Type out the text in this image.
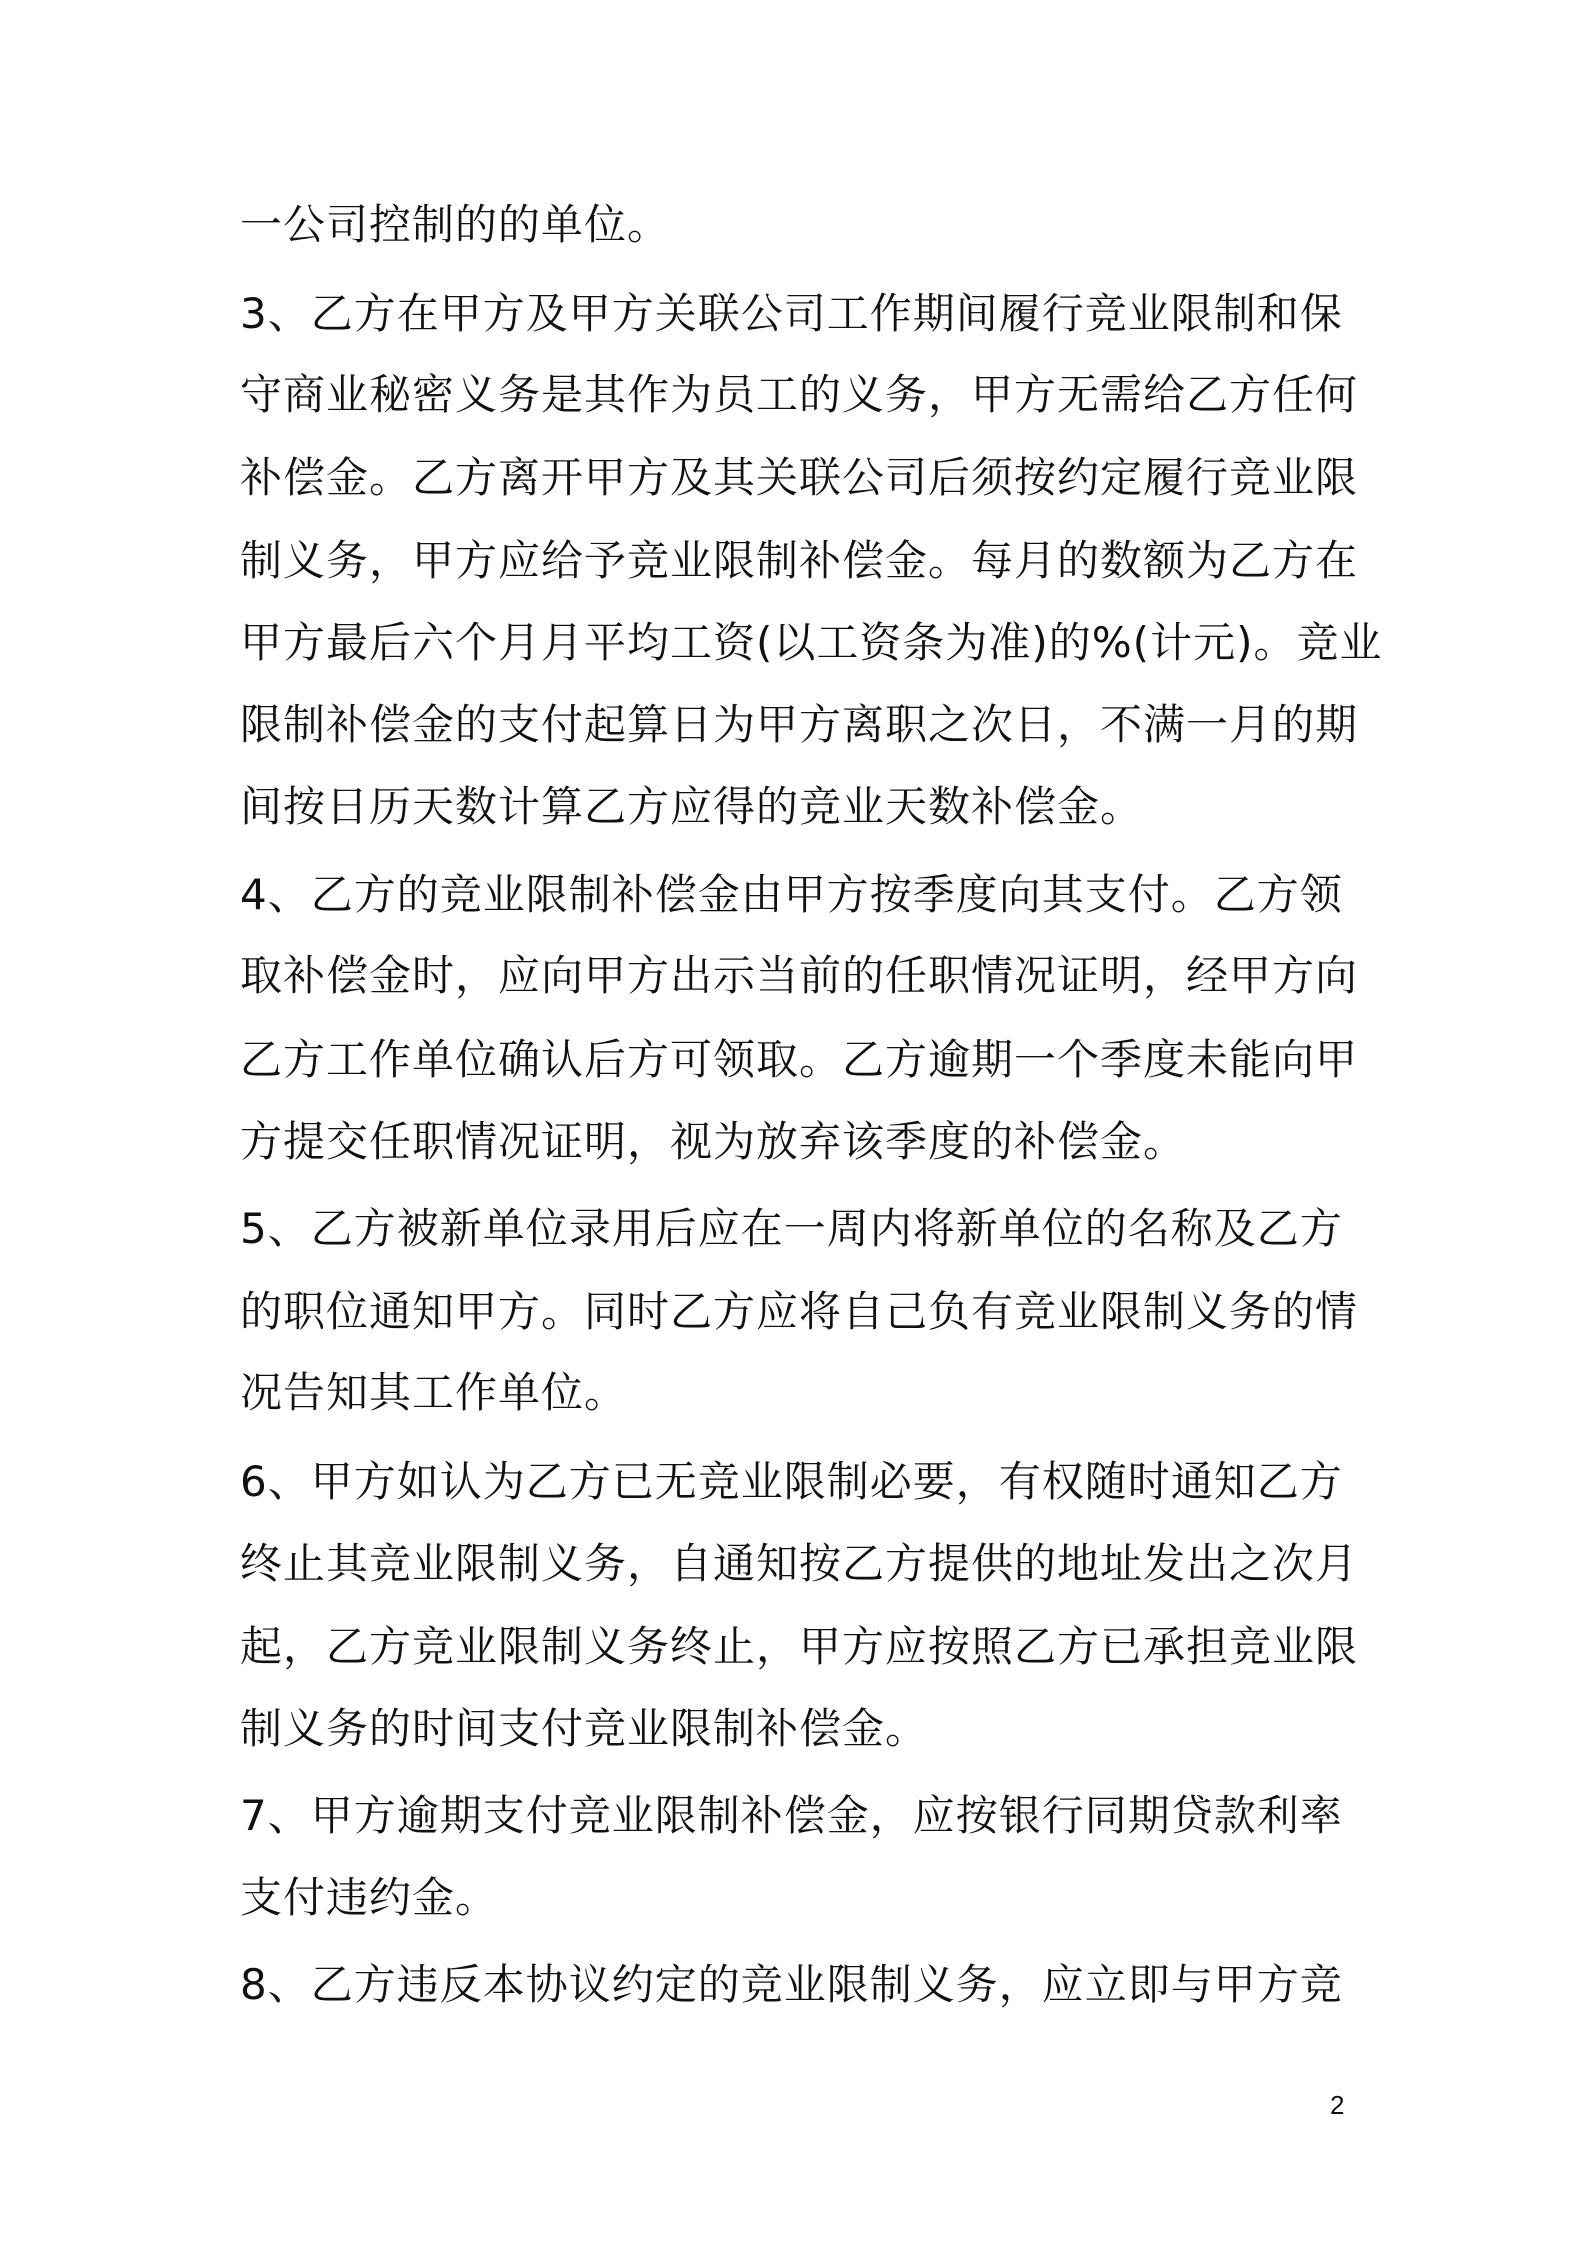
一公司控制的的单位。
3、乙方在甲方及甲方关联公司工作期间履行竞业限制和保
守商业秘密义务是其作为员工的义务，甲方无需给乙方任何
补偿金。乙方离开甲方及其关联公司后须按约定履行竞业限
制义务，甲方应给予竞业限制补偿金。每月的数额为乙方在
甲方最后六个月月平均工资(以工资条为准)的%(计元)。竞业
限制补偿金的支付起算日为甲方离职之次日，不满一月的期
间按日历天数计算乙方应得的竞业天数补偿金。
4、乙方的竞业限制补偿金由甲方按季度向其支付。乙方领
取补偿金时，应向甲方出示当前的任职情况证明，经甲方向
乙方工作单位确认后方可领取。乙方逾期一个季度未能向甲
方提交任职情况证明，视为放弃该季度的补偿金。
5、乙方被新单位录用后应在一周内将新单位的名称及乙方
的职位通知甲方。同时乙方应将自己负有竞业限制义务的情
况告知其工作单位。
6、甲方如认为乙方已无竞业限制必要，有权随时通知乙方
终止其竞业限制义务，自通知按乙方提供的地址发出之次月
起，乙方竞业限制义务终止，甲方应按照乙方已承担竞业限
制义务的时间支付竞业限制补偿金。
7、甲方逾期支付竞业限制补偿金，应按银行同期贷款利率
支付违约金。
8、乙方违反本协议约定的竞业限制义务，应立即与甲方竞
2
